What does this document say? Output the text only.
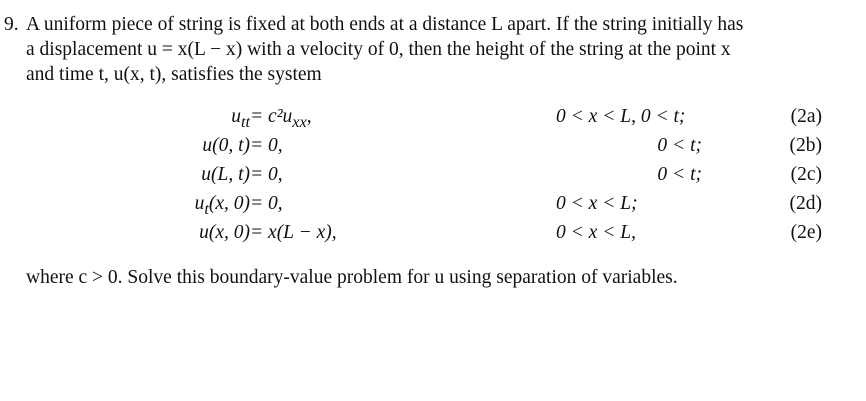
9. A uniform piece of string is fixed at both ends at a distance L apart. If the string initially has
a displacement u = x(L − x) with a velocity of 0, then the height of the string at the point x
and time t, u(x, t), satisfies the system
$u_{tt} = c^2u_{xx}$,	0 < x < L, 0 < t;	(2a)
u(0, t) = 0,	0 < t;	(2b)
u(L, t) = 0,	0 < t;	(2c)
$u_t(x$, 0) = 0,	0 < x < L;	(2d)
u(x, 0) = x(L − x),	0 < x < L,	(2e)
where c > 0. Solve this boundary-value problem for u using separation of variables.
